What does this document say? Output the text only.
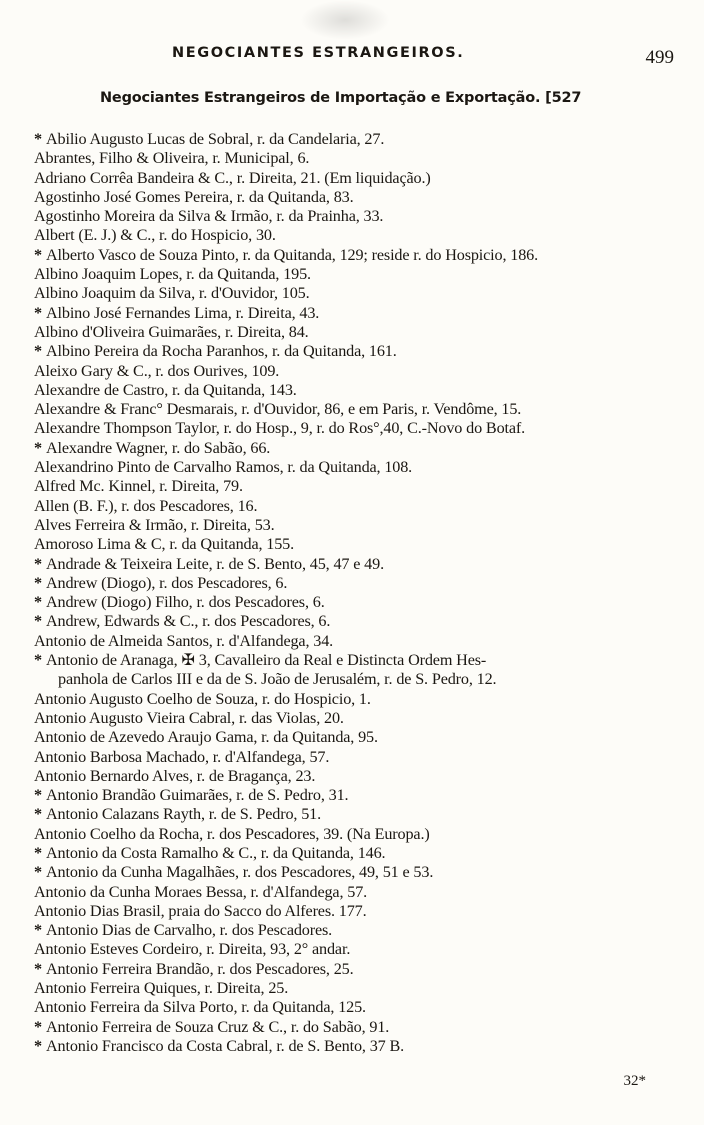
NEGOCIANTES ESTRANGEIROS.	499
Negociantes Estrangeiros de Importação e Exportação. [527
* Abilio Augusto Lucas de Sobral, r. da Candelaria, 27.
Abrantes, Filho & Oliveira, r. Municipal, 6.
Adriano Corrêa Bandeira & C., r. Direita, 21. (Em liquidação.)
Agostinho José Gomes Pereira, r. da Quitanda, 83.
Agostinho Moreira da Silva & Irmão, r. da Prainha, 33.
Albert (E. J.) & C., r. do Hospicio, 30.
* Alberto Vasco de Souza Pinto, r. da Quitanda, 129; reside r. do Hospicio, 186.
Albino Joaquim Lopes, r. da Quitanda, 195.
Albino Joaquim da Silva, r. d'Ouvidor, 105.
* Albino José Fernandes Lima, r. Direita, 43.
Albino d'Oliveira Guimarães, r. Direita, 84.
* Albino Pereira da Rocha Paranhos, r. da Quitanda, 161.
Aleixo Gary & C., r. dos Ourives, 109.
Alexandre de Castro, r. da Quitanda, 143.
Alexandre & Franc° Desmarais, r. d'Ouvidor, 86, e em Paris, r. Vendôme, 15.
Alexandre Thompson Taylor, r. do Hosp., 9, r. do Ros°,40, C.-Novo do Botaf.
* Alexandre Wagner, r. do Sabão, 66.
Alexandrino Pinto de Carvalho Ramos, r. da Quitanda, 108.
Alfred Mc. Kinnel, r. Direita, 79.
Allen (B. F.), r. dos Pescadores, 16.
Alves Ferreira & Irmão, r. Direita, 53.
Amoroso Lima & C, r. da Quitanda, 155.
* Andrade & Teixeira Leite, r. de S. Bento, 45, 47 e 49.
* Andrew (Diogo), r. dos Pescadores, 6.
* Andrew (Diogo) Filho, r. dos Pescadores, 6.
* Andrew, Edwards & C., r. dos Pescadores, 6.
Antonio de Almeida Santos, r. d'Alfandega, 34.
* Antonio de Aranaga, ✠ 3, Cavalleiro da Real e Distincta Ordem Hes-
panhola de Carlos III e da de S. João de Jerusalém, r. de S. Pedro, 12.
Antonio Augusto Coelho de Souza, r. do Hospicio, 1.
Antonio Augusto Vieira Cabral, r. das Violas, 20.
Antonio de Azevedo Araujo Gama, r. da Quitanda, 95.
Antonio Barbosa Machado, r. d'Alfandega, 57.
Antonio Bernardo Alves, r. de Bragança, 23.
* Antonio Brandão Guimarães, r. de S. Pedro, 31.
* Antonio Calazans Rayth, r. de S. Pedro, 51.
Antonio Coelho da Rocha, r. dos Pescadores, 39. (Na Europa.)
* Antonio da Costa Ramalho & C., r. da Quitanda, 146.
* Antonio da Cunha Magalhães, r. dos Pescadores, 49, 51 e 53.
Antonio da Cunha Moraes Bessa, r. d'Alfandega, 57.
Antonio Dias Brasil, praia do Sacco do Alferes. 177.
* Antonio Dias de Carvalho, r. dos Pescadores.
Antonio Esteves Cordeiro, r. Direita, 93, 2° andar.
* Antonio Ferreira Brandão, r. dos Pescadores, 25.
Antonio Ferreira Quiques, r. Direita, 25.
Antonio Ferreira da Silva Porto, r. da Quitanda, 125.
* Antonio Ferreira de Souza Cruz & C., r. do Sabão, 91.
* Antonio Francisco da Costa Cabral, r. de S. Bento, 37 B.
32*
